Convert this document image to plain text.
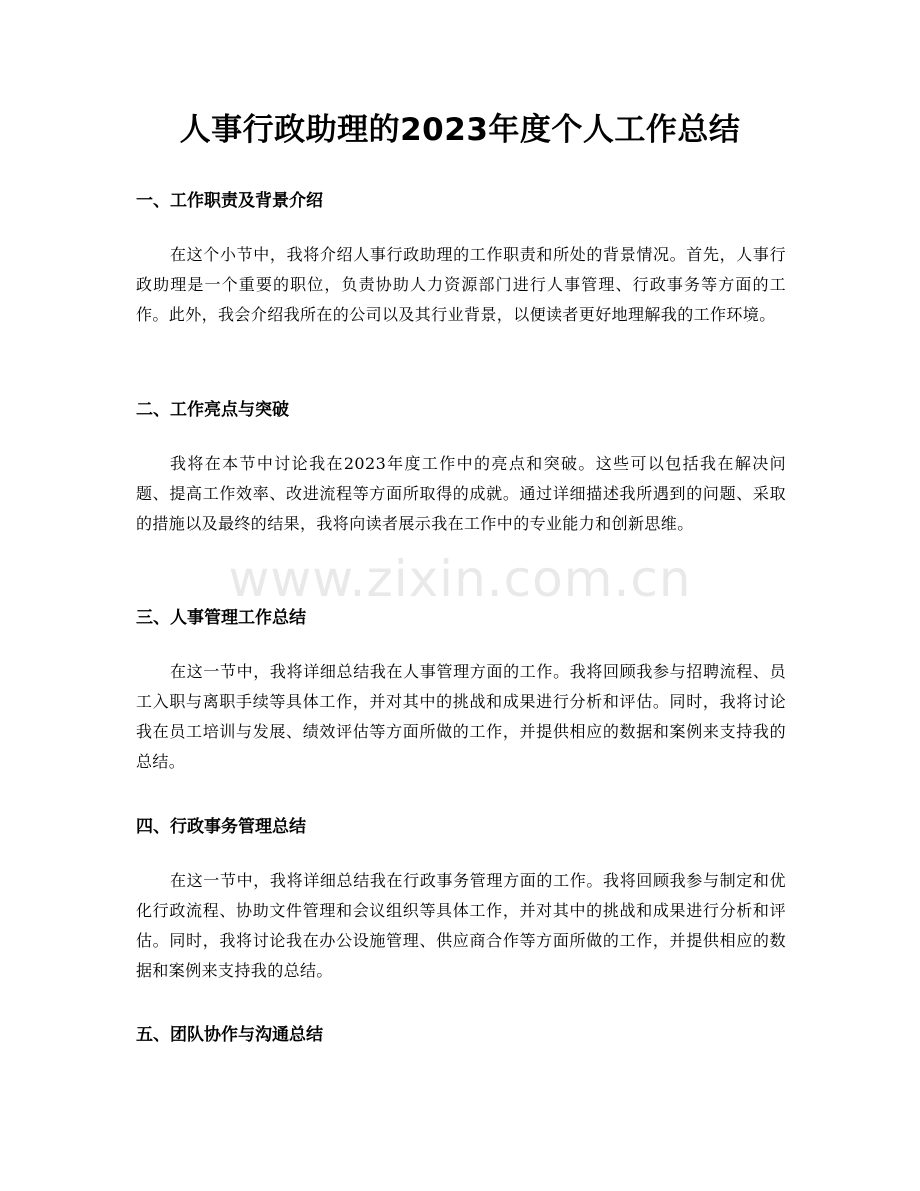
人事行政助理的2023年度个人工作总结
一、工作职责及背景介绍

在这个小节中，我将介绍人事行政助理的工作职责和所处的背景情况。首先，人事行政助理是一个重要的职位，负责协助人力资源部门进行人事管理、行政事务等方面的工作。此外，我会介绍我所在的公司以及其行业背景，以便读者更好地理解我的工作环境。

二、工作亮点与突破

我将在本节中讨论我在2023年度工作中的亮点和突破。这些可以包括我在解决问题、提高工作效率、改进流程等方面所取得的成就。通过详细描述我所遇到的问题、采取的措施以及最终的结果，我将向读者展示我在工作中的专业能力和创新思维。

三、人事管理工作总结

在这一节中，我将详细总结我在人事管理方面的工作。我将回顾我参与招聘流程、员工入职与离职手续等具体工作，并对其中的挑战和成果进行分析和评估。同时，我将讨论我在员工培训与发展、绩效评估等方面所做的工作，并提供相应的数据和案例来支持我的总结。

四、行政事务管理总结

在这一节中，我将详细总结我在行政事务管理方面的工作。我将回顾我参与制定和优化行政流程、协助文件管理和会议组织等具体工作，并对其中的挑战和成果进行分析和评估。同时，我将讨论我在办公设施管理、供应商合作等方面所做的工作，并提供相应的数据和案例来支持我的总结。

五、团队协作与沟通总结
www.zixin.com.cn
